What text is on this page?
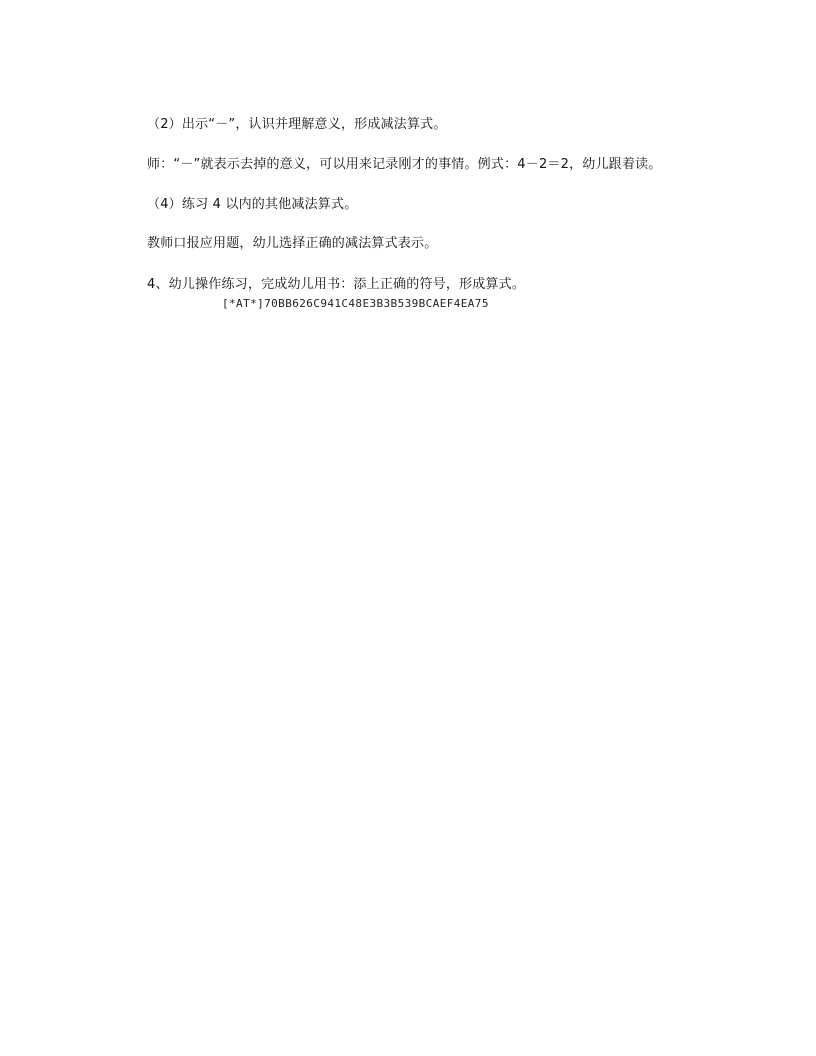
（2）出示“－”，认识并理解意义，形成减法算式。
师：“－”就表示去掉的意义，可以用来记录刚才的事情。例式：4－2＝2，幼儿跟着读。
（4）练习 4 以内的其他减法算式。
教师口报应用题，幼儿选择正确的减法算式表示。
4、幼儿操作练习，完成幼儿用书：添上正确的符号，形成算式。
[*AT*]70BB626C941C48E3B3B539BCAEF4EA75
